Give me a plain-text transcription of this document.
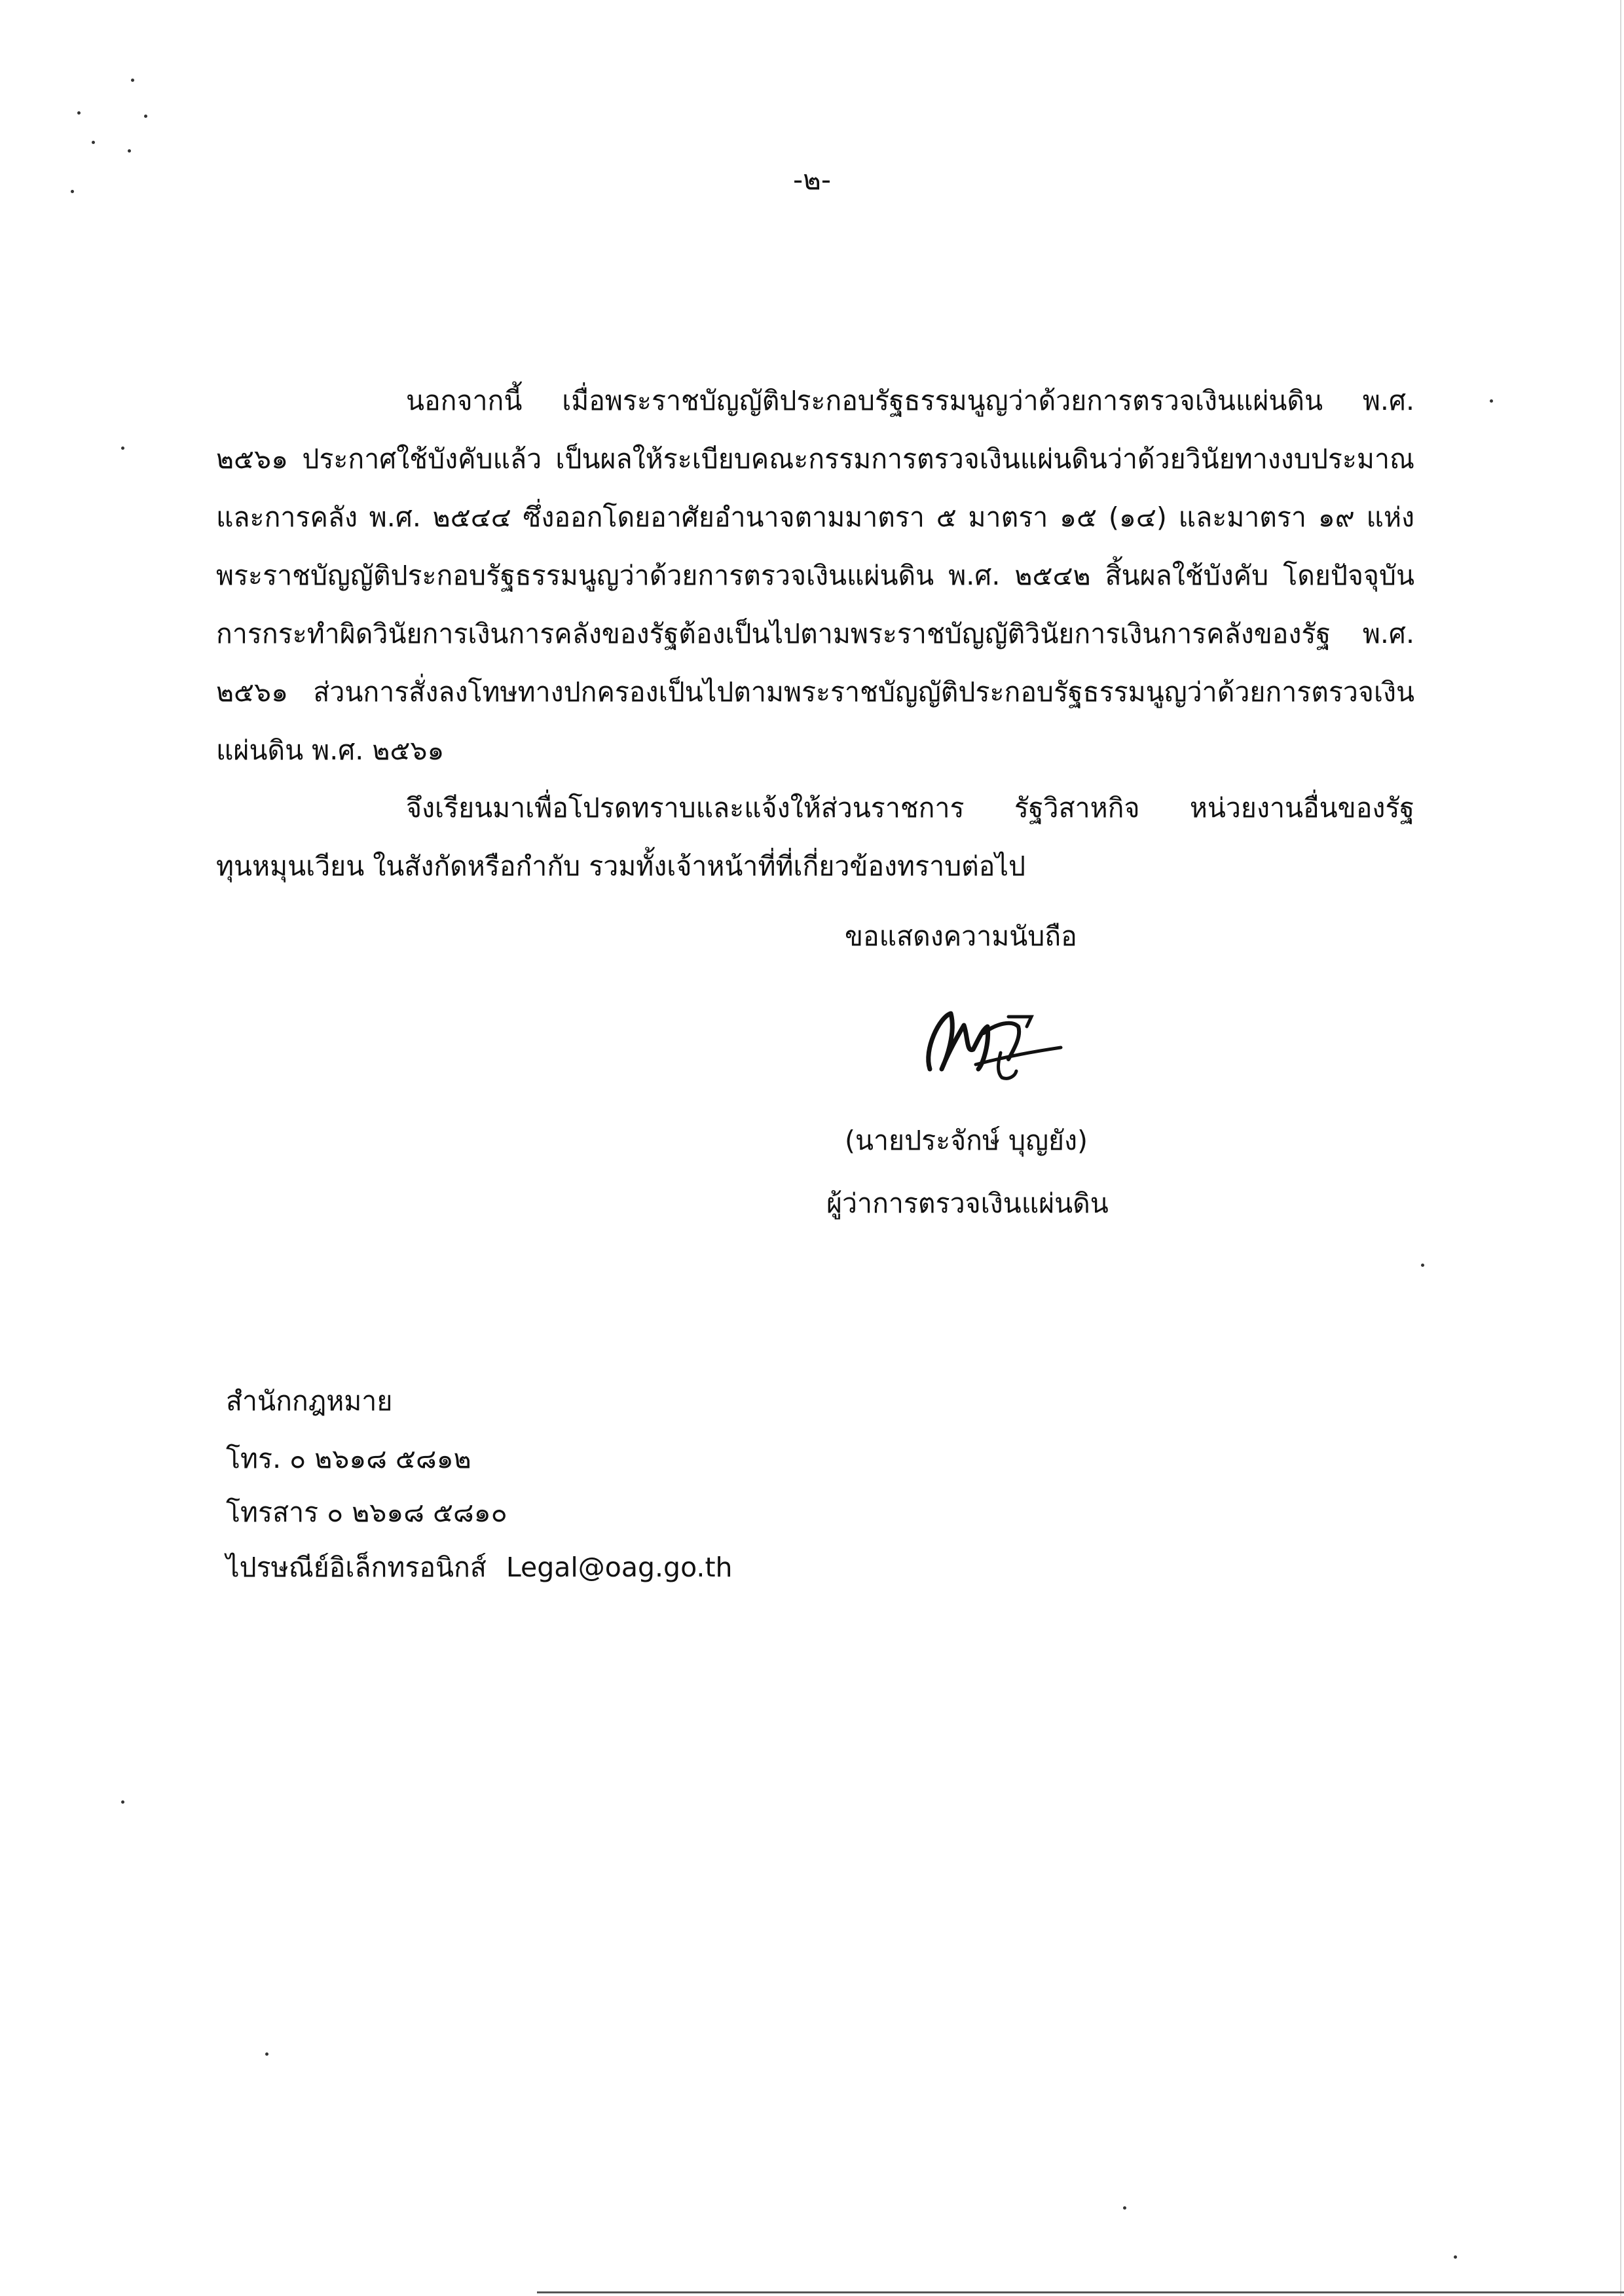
-๒-

นอกจากนี้ เมื่อพระราชบัญญัติประกอบรัฐธรรมนูญว่าด้วยการตรวจเงินแผ่นดิน พ.ศ. ๒๕๖๑ ประกาศใช้บังคับแล้ว เป็นผลให้ระเบียบคณะกรรมการตรวจเงินแผ่นดินว่าด้วยวินัยทางงบประมาณและการคลัง พ.ศ. ๒๕๔๔ ซึ่งออกโดยอาศัยอำนาจตามมาตรา ๕ มาตรา ๑๕ (๑๔) และมาตรา ๑๙ แห่งพระราชบัญญัติประกอบรัฐธรรมนูญว่าด้วยการตรวจเงินแผ่นดิน พ.ศ. ๒๕๔๒ สิ้นผลใช้บังคับ โดยปัจจุบันการกระทำผิดวินัยการเงินการคลังของรัฐต้องเป็นไปตามพระราชบัญญัติวินัยการเงินการคลังของรัฐ พ.ศ. ๒๕๖๑ ส่วนการสั่งลงโทษทางปกครองเป็นไปตามพระราชบัญญัติประกอบรัฐธรรมนูญว่าด้วยการตรวจเงินแผ่นดิน พ.ศ. ๒๕๖๑

จึงเรียนมาเพื่อโปรดทราบและแจ้งให้ส่วนราชการ รัฐวิสาหกิจ หน่วยงานอื่นของรัฐ ทุนหมุนเวียน ในสังกัดหรือกำกับ รวมทั้งเจ้าหน้าที่ที่เกี่ยวข้องทราบต่อไป

ขอแสดงความนับถือ
(นายประจักษ์ บุญยัง)
ผู้ว่าการตรวจเงินแผ่นดิน
สำนักกฎหมาย
โทร. ๐ ๒๖๑๘ ๕๘๑๒
โทรสาร ๐ ๒๖๑๘ ๕๘๑๐
ไปรษณีย์อิเล็กทรอนิกส์ Legal@oag.go.th
